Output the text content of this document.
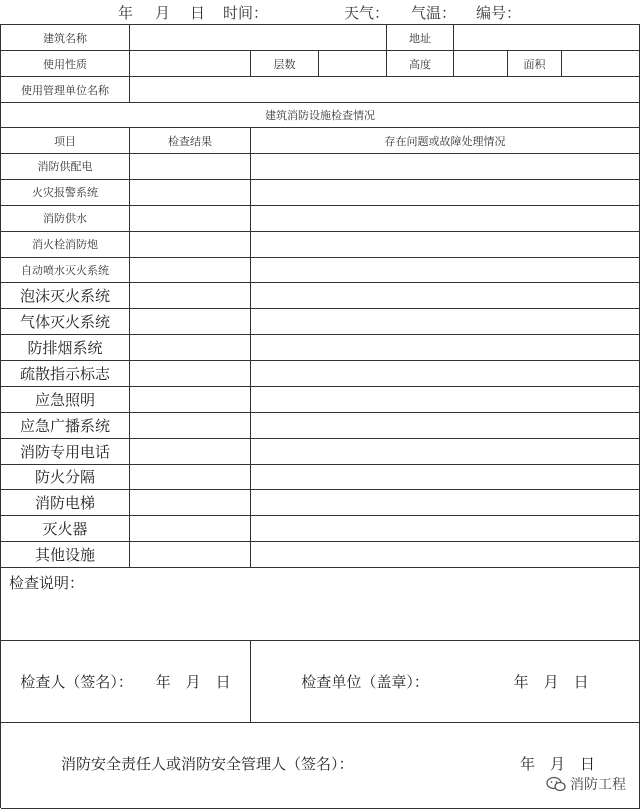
年 月 日 时间：	天气： 气温： 编号：
建筑名称	地址
使用性质	层数	高度	面积
使用管理单位名称
建筑消防设施检查情况
项目	检查结果	存在问题或故障处理情况
消防供配电
火灾报警系统
消防供水
消火栓消防炮
自动喷水灭火系统
泡沫灭火系统
气体灭火系统
防排烟系统
疏散指示标志
应急照明
应急广播系统
消防专用电话
防火分隔
消防电梯
灭火器
其他设施
检查说明：
检查人（签名）： 年　月　日	检查单位（盖章）：	年　月　日
消防安全责任人或消防安全管理人（签名）：	年　月　日
消防工程
